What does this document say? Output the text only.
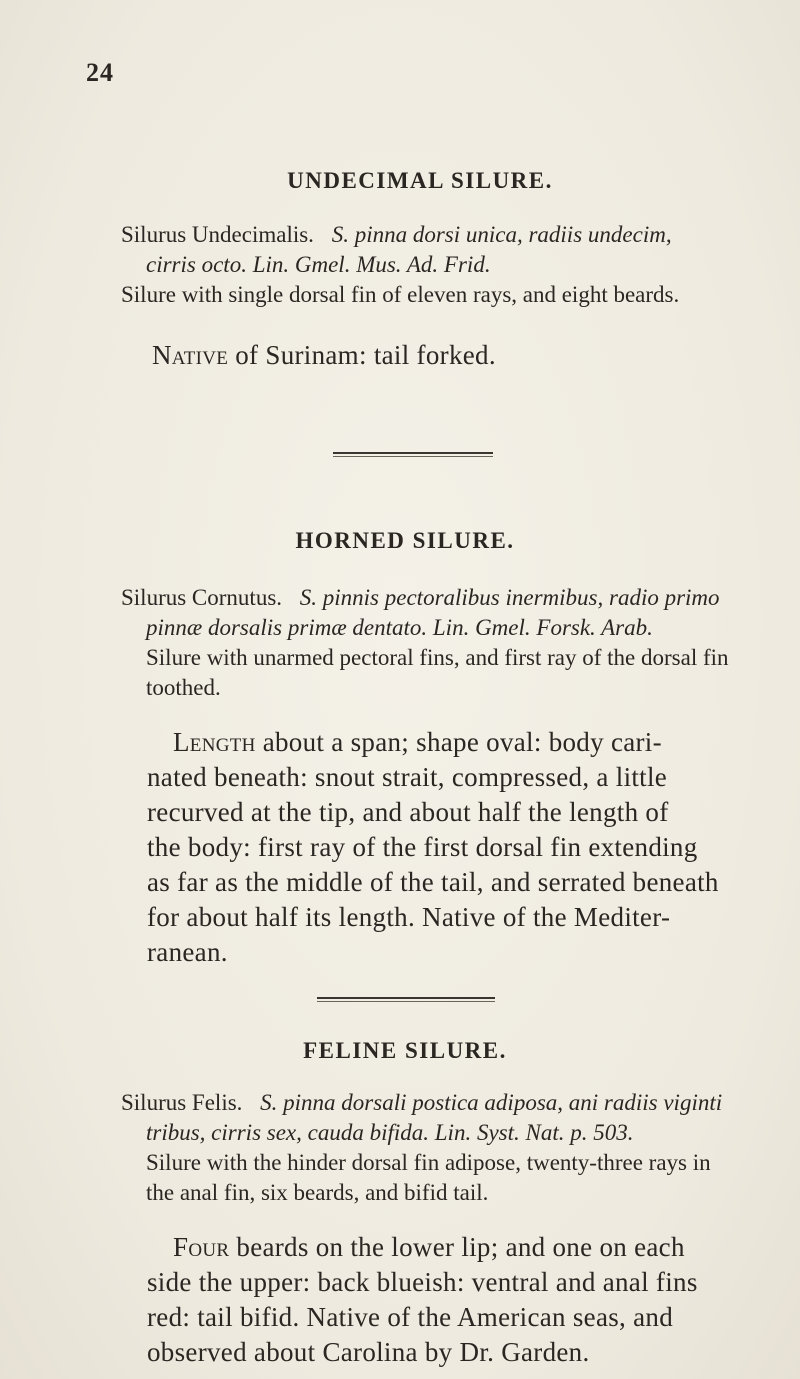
24
UNDECIMAL SILURE.
Silurus Undecimalis. S. pinna dorsi unica, radiis undecim,
cirris octo. Lin. Gmel. Mus. Ad. Frid.
Silure with single dorsal fin of eleven rays, and eight beards.
Native of Surinam: tail forked.
HORNED SILURE.
Silurus Cornutus. S. pinnis pectoralibus inermibus, radio primo
pinnæ dorsalis primæ dentato. Lin. Gmel. Forsk. Arab.
Silure with unarmed pectoral fins, and first ray of the dorsal fin
toothed.
Length about a span; shape oval: body cari-
nated beneath: snout strait, compressed, a little
recurved at the tip, and about half the length of
the body: first ray of the first dorsal fin extending
as far as the middle of the tail, and serrated beneath
for about half its length. Native of the Mediter-
ranean.
FELINE SILURE.
Silurus Felis. S. pinna dorsali postica adiposa, ani radiis viginti
tribus, cirris sex, cauda bifida. Lin. Syst. Nat. p. 503.
Silure with the hinder dorsal fin adipose, twenty-three rays in
the anal fin, six beards, and bifid tail.
Four beards on the lower lip; and one on each
side the upper: back blueish: ventral and anal fins
red: tail bifid. Native of the American seas, and
observed about Carolina by Dr. Garden.
